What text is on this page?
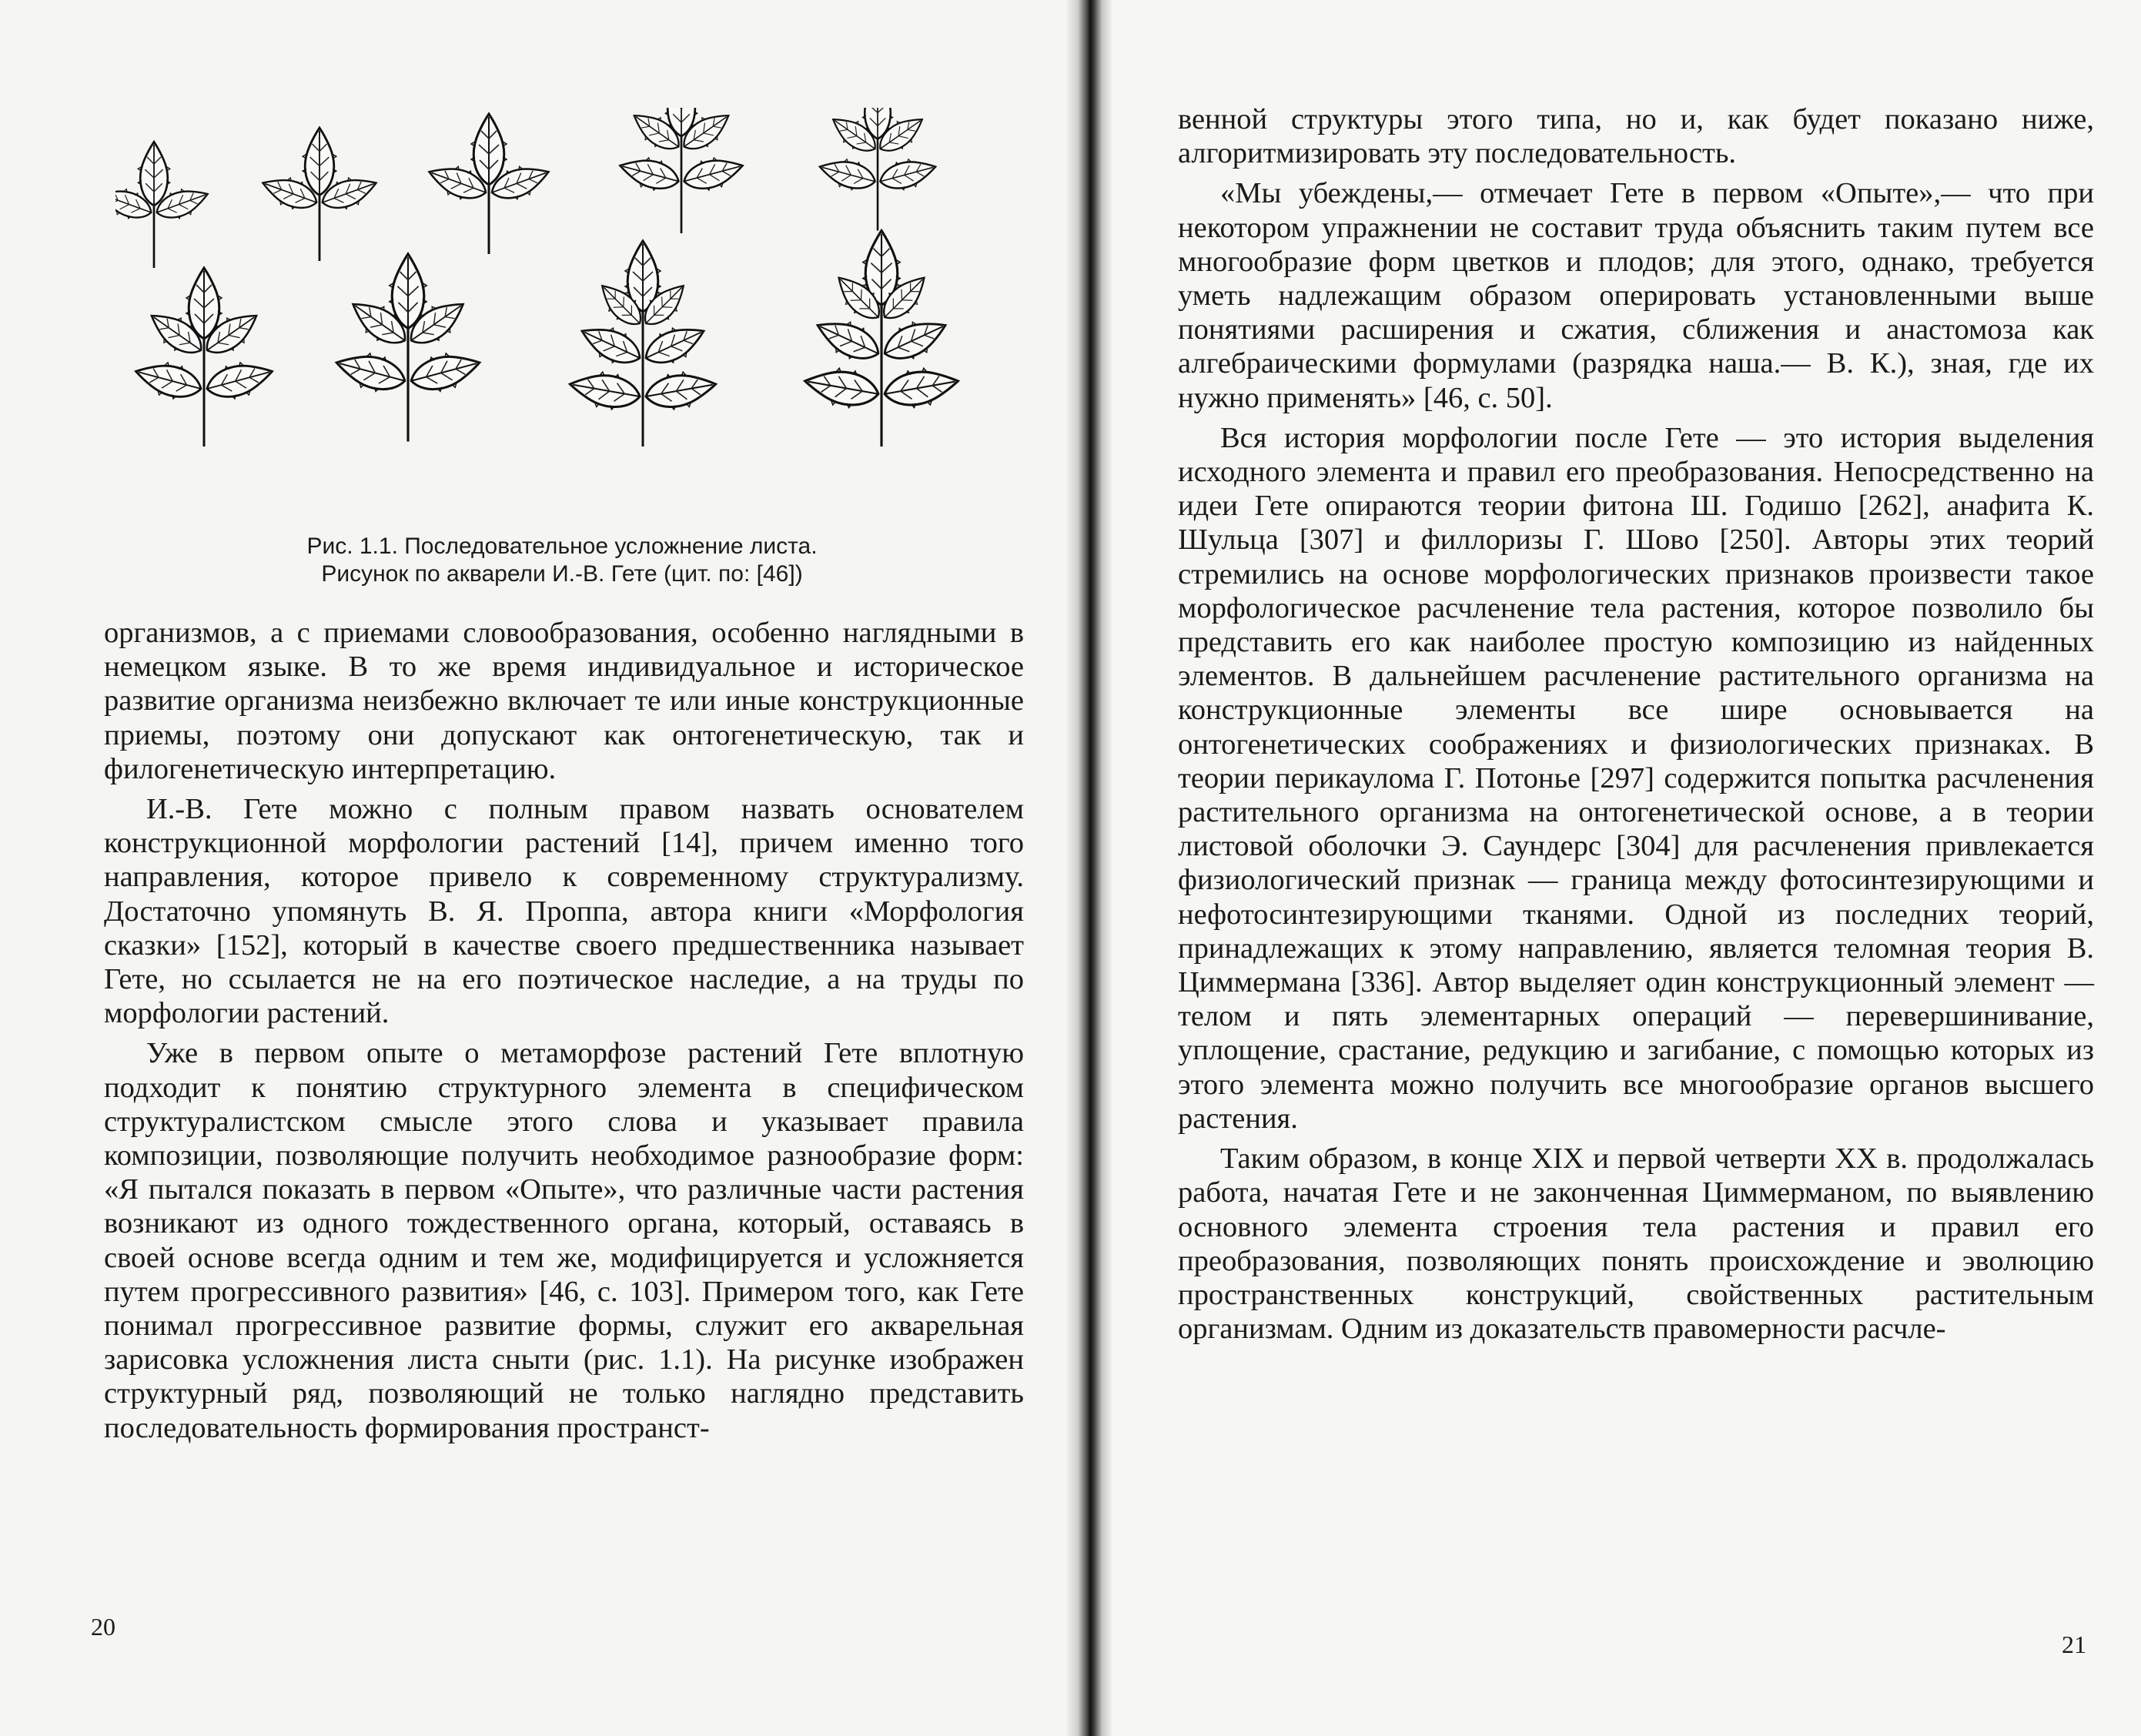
Рис. 1.1. Последовательное усложнение листа.
Рисунок по акварели И.-В. Гете (цит. по: [46])

организмов, а с приемами словообразования, особенно наглядными в немецком языке. В то же время индивидуальное и историческое развитие организма неизбежно включает те или иные конструкционные приемы, поэтому они допускают как онтогенетическую, так и филогенетическую интерпретацию.

И.-В. Гете можно с полным правом назвать основателем конструкционной морфологии растений [14], причем именно того направления, которое привело к современному структурализму. Достаточно упомянуть В. Я. Проппа, автора книги «Морфология сказки» [152], который в качестве своего предшественника называет Гете, но ссылается не на его поэтическое наследие, а на труды по морфологии растений.

Уже в первом опыте о метаморфозе растений Гете вплотную подходит к понятию структурного элемента в специфическом структуралистском смысле этого слова и указывает правила композиции, позволяющие получить необходимое разнообразие форм: «Я пытался показать в первом «Опыте», что различные части растения возникают из одного тождественного органа, который, оставаясь в своей основе всегда одним и тем же, модифицируется и усложняется путем прогрессивного развития» [46, с. 103]. Примером того, как Гете понимал прогрессивное развитие формы, служит его акварельная зарисовка усложнения листа сныти (рис. 1.1). На рисунке изображен структурный ряд, позволяющий не только наглядно представить последовательность формирования пространст-

20

венной структуры этого типа, но и, как будет показано ниже, алгоритмизировать эту последовательность.

«Мы убеждены,— отмечает Гете в первом «Опыте»,— что при некотором упражнении не составит труда объяснить таким путем все многообразие форм цветков и плодов; для этого, однако, требуется уметь надлежащим образом оперировать установленными выше понятиями расширения и сжатия, сближения и анастомоза как алгебраическими формулами (разрядка наша.— В. К.), зная, где их нужно применять» [46, с. 50].

Вся история морфологии после Гете — это история выделения исходного элемента и правил его преобразования. Непосредственно на идеи Гете опираются теории фитона Ш. Годишо [262], анафита К. Шульца [307] и филлоризы Г. Шово [250]. Авторы этих теорий стремились на основе морфологических признаков произвести такое морфологическое расчленение тела растения, которое позволило бы представить его как наиболее простую композицию из найденных элементов. В дальнейшем расчленение растительного организма на конструкционные элементы все шире основывается на онтогенетических соображениях и физиологических признаках. В теории перикаулома Г. Потонье [297] содержится попытка расчленения растительного организма на онтогенетической основе, а в теории листовой оболочки Э. Саундерс [304] для расчленения привлекается физиологический признак — граница между фотосинтезирующими и нефотосинтезирующими тканями. Одной из последних теорий, принадлежащих к этому направлению, является теломная теория В. Циммермана [336]. Автор выделяет один конструкционный элемент — телом и пять элементарных операций — перевершинивание, уплощение, срастание, редукцию и загибание, с помощью которых из этого элемента можно получить все многообразие органов высшего растения.

Таким образом, в конце XIX и первой четверти XX в. продолжалась работа, начатая Гете и не законченная Циммерманом, по выявлению основного элемента строения тела растения и правил его преобразования, позволяющих понять происхождение и эволюцию пространственных конструкций, свойственных растительным организмам. Одним из доказательств правомерности расчле-

21
